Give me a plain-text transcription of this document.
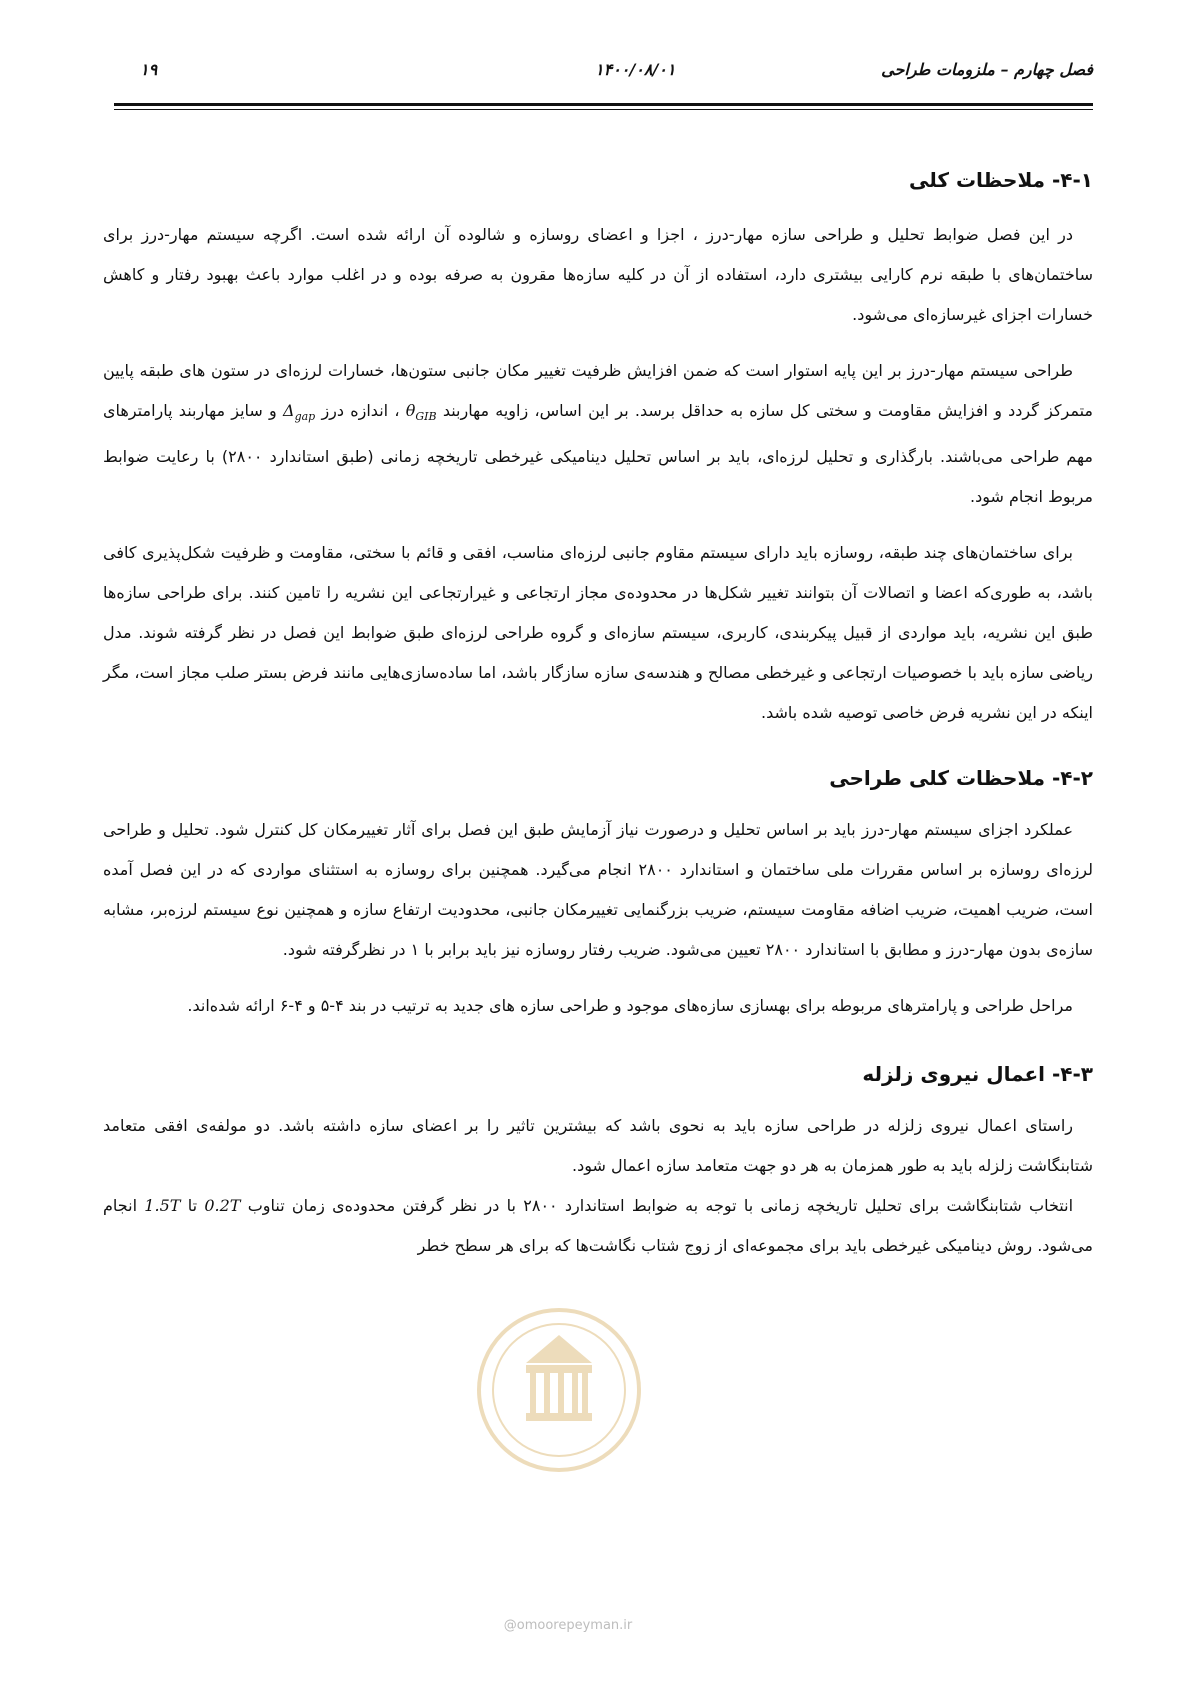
فصل چهارم – ملزومات طراحی
۱۴۰۰/۰۸/۰۱
۱۹
۴-۱- ملاحظات کلی

در این فصل ضوابط تحلیل و طراحی سازه مهار-درز ، اجزا و اعضای روسازه و شالوده آن ارائه شده است. اگرچه سیستم مهار-درز برای ساختمان‌های با طبقه نرم کارایی بیشتری دارد، استفاده از آن در کلیه سازه‌ها مقرون به صرفه بوده و در اغلب موارد باعث بهبود رفتار و کاهش خسارات اجزای غیرسازه‌ای می‌شود.

طراحی سیستم مهار-درز بر این پایه استوار است که ضمن افزایش ظرفیت تغییر مکان جانبی ستون‌ها، خسارات لرزه‌ای در ستون های طبقه پایین متمرکز گردد و افزایش مقاومت و سختی کل سازه به حداقل برسد. بر این اساس، زاویه مهاربند $\theta_{GIB}$ ، اندازه درز $\Delta_{gap}$ و سایز مهاربند پارامترهای مهم طراحی می‌باشند. بارگذاری و تحلیل لرزه‌ای، باید بر اساس تحلیل دینامیکی غیرخطی تاریخچه زمانی (طبق استاندارد ۲۸۰۰) با رعایت ضوابط مربوط انجام شود.

برای ساختمان‌های چند طبقه، روسازه باید دارای سیستم مقاوم جانبی لرزه‌ای مناسب، افقی و قائم با سختی، مقاومت و ظرفیت شکل‌پذیری کافی باشد، به طوری‌که اعضا و اتصالات آن بتوانند تغییر شکل‌ها در محدوده‌ی مجاز ارتجاعی و غیرارتجاعی این نشریه را تامین کنند. برای طراحی سازه‌ها طبق این نشریه، باید مواردی از قبیل پیکربندی، کاربری، سیستم سازه‌ای و گروه طراحی لرزه‌ای طبق ضوابط این فصل در نظر گرفته شوند. مدل ریاضی سازه باید با خصوصیات ارتجاعی و غیرخطی مصالح و هندسه‌ی سازه سازگار باشد، اما ساده‌سازی‌هایی مانند فرض بستر صلب مجاز است، مگر اینکه در این نشریه فرض خاصی توصیه شده باشد.

۴-۲- ملاحظات کلی طراحی

عملکرد اجزای سیستم مهار-درز باید بر اساس تحلیل و درصورت نیاز آزمایش طبق این فصل برای آثار تغییرمکان کل کنترل شود. تحلیل و طراحی لرزه‌ای روسازه بر اساس مقررات ملی ساختمان و استاندارد ۲۸۰۰ انجام می‌گیرد. همچنین برای روسازه به استثنای مواردی که در این فصل آمده است، ضریب اهمیت، ضریب اضافه مقاومت سیستم، ضریب بزرگنمایی تغییرمکان جانبی، محدودیت ارتفاع سازه و همچنین نوع سیستم لرزه‌بر، مشابه سازه‌ی بدون مهار-درز و مطابق با استاندارد ۲۸۰۰ تعیین می‌شود. ضریب رفتار روسازه نیز باید برابر با ۱ در نظرگرفته شود.

مراحل طراحی و پارامترهای مربوطه برای بهسازی سازه‌های موجود و طراحی سازه های جدید به ترتیب در بند ۴-۵ و ۴-۶ ارائه شده‌اند.

۴-۳- اعمال نیروی زلزله

راستای اعمال نیروی زلزله در طراحی سازه باید به نحوی باشد که بیشترین تاثیر را بر اعضای سازه داشته باشد. دو مولفه‌ی افقی متعامد شتابنگاشت زلزله باید به طور همزمان به هر دو جهت متعامد سازه اعمال شود.

انتخاب شتابنگاشت برای تحلیل تاریخچه زمانی با توجه به ضوابط استاندارد ۲۸۰۰ با در نظر گرفتن محدوده‌ی زمان تناوب 0.2T تا 1.5T انجام می‌شود. روش دینامیکی غیرخطی باید برای مجموعه‌ای از زوج شتاب نگاشت‌ها که برای هر سطح خطر

@omoorepeyman.ir
